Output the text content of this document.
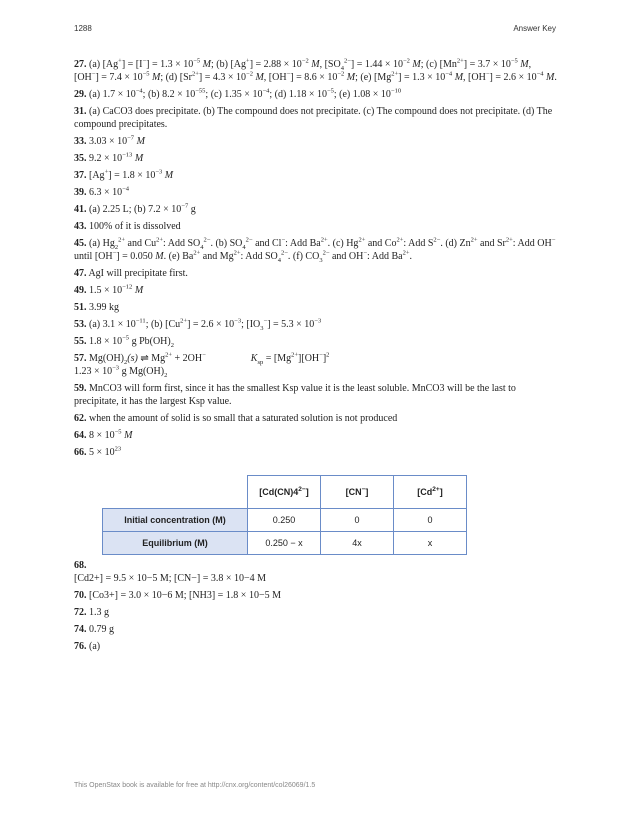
1288	Answer Key
27. (a) $[Ag^+] = [I^-] = 1.3 \times 10^{-5}$ M; (b) $[Ag^+] = 2.88 \times 10^{-2}$ M, $[SO_4^{2-}] = 1.44 \times 10^{-2}$ M; (c) $[Mn^{2+}] = 3.7 \times 10^{-5}$ M, $[OH^-] = 7.4 \times 10^{-5}$ M; (d) $[Sr^{2+}] = 4.3 \times 10^{-2}$ M, $[OH^-] = 8.6 \times 10^{-2}$ M; (e) $[Mg^{2+}] = 1.3 \times 10^{-4}$ M, $[OH^-] = 2.6 \times 10^{-4}$ M.
29. (a) $1.7 \times 10^{-4}$; (b) $8.2 \times 10^{-55}$; (c) $1.35 \times 10^{-4}$; (d) $1.18 \times 10^{-5}$; (e) $1.08 \times 10^{-10}$
31. (a) CaCO3 does precipitate. (b) The compound does not precipitate. (c) The compound does not precipitate. (d) The compound precipitates.
33. $3.03 \times 10^{-7}$ M
35. $9.2 \times 10^{-13}$ M
37. $[Ag^+] = 1.8 \times 10^{-3}$ M
39. $6.3 \times 10^{-4}$
41. (a) 2.25 L; (b) $7.2 \times 10^{-7}$ g
43. 100% of it is dissolved
45. (a) $Hg_2^{2+}$ and $Cu^{2+}$: Add $SO_4^{2-}$. (b) $SO_4^{2-}$ and Cl−: Add $Ba^{2+}$. (c) $Hg^{2+}$ and $Co^{2+}$: Add $S^{2-}$. (d) $Zn^{2+}$ and $Sr^{2+}$: Add OH− until [OH−] = 0.050 M. (e) $Ba^{2+}$ and $Mg^{2+}$: Add $SO_4^{2-}$. (f) $CO_3^{2-}$ and OH−: Add $Ba^{2+}$.
47. AgI will precipitate first.
49. $1.5 \times 10^{-12}$ M
51. 3.99 kg
53. (a) $3.1 \times 10^{-11}$; (b) $[Cu^{2+}] = 2.6 \times 10^{-3}$; $[IO_3^-] = 5.3 \times 10^{-3}$
55. $1.8 \times 10^{-5}$ g $Pb(OH)_2$
57. $Mg(OH)_2(s)$ ⇌ $Mg^{2+} + 2OH^-$	$K_{sp} = [Mg^{2+}][OH^-]^2$
$1.23 \times 10^{-3}$ g $Mg(OH)_2$
59. MnCO3 will form first, since it has the smallest Ksp value it is the least soluble. MnCO3 will be the last to precipitate, it has the largest Ksp value.
62. when the amount of solid is so small that a saturated solution is not produced
64. $8 \times 10^{-5}$ M
66. $5 \times 10^{23}$
	$[Cd(CN)4^{2-}]$	[CN−]	$[Cd^{2+}]$
Initial concentration (M)	0.250	0	0
Equilibrium (M)	0.250 − x	4x	x
68.
[Cd2+] = 9.5 × 10−5 M; [CN−] = 3.8 × 10−4 M
70. [Co3+] = 3.0 × 10−6 M; [NH3] = 1.8 × 10−5 M
72. 1.3 g
74. 0.79 g
76. (a)
This OpenStax book is available for free at http://cnx.org/content/col26069/1.5
